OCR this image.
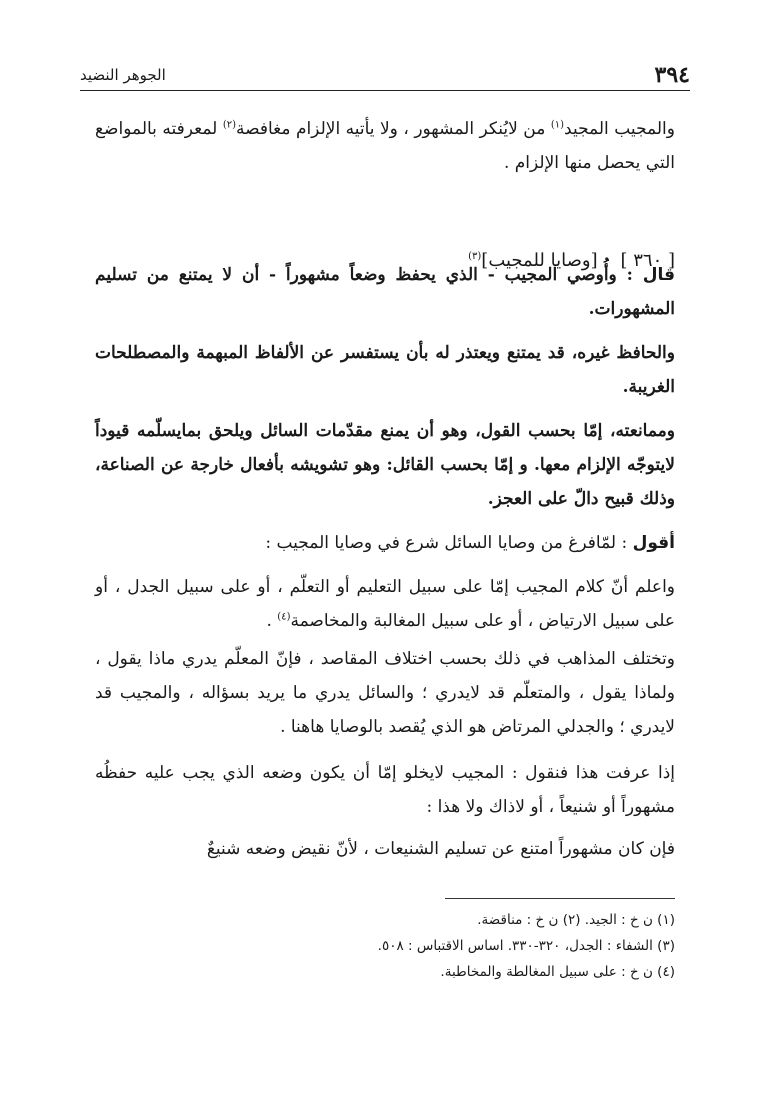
٣٩٤
الجوهر النضيد

والمجيب المجيد$^{(١)}$ من لايُنكر المشهور ، ولا يأتيه الإلزام مغافصة$^{(٢)}$ لمعرفته بالمواضع التي يحصل منها الإلزام .

[ ٣٦٠ ]    [وصايا للمجيب]$^{(٣)}$

قال : وأُوصي المجيب - الذي يحفظ وضعاً مشهوراً - أن لا يمتنع من تسليم المشهورات.

والحافظ غيره، قد يمتنع ويعتذر له بأن يستفسر عن الألفاظ المبهمة والمصطلحات الغريبة.

وممانعته، إمّا بحسب القول، وهو أن يمنع مقدّمات السائل ويلحق بمايسلّمه قيوداً لايتوجّه الإلزام معها. و إمّا بحسب القائل: وهو تشويشه بأفعال خارجة عن الصناعة، وذلك قبيح دالّ على العجز.

أقول : لمّافرغ من وصايا السائل شرع في وصايا المجيب :

واعلم أنّ كلام المجيب إمّا على سبيل التعليم أو التعلّم ، أو على سبيل الجدل ، أو على سبيل الارتياض ، أو على سبيل المغالبة والمخاصمة$^{(٤)}$ .

وتختلف المذاهب في ذلك بحسب اختلاف المقاصد ، فإنّ المعلّم يدري ماذا يقول ، ولماذا يقول ، والمتعلّم قد لايدري ؛ والسائل يدري ما يريد بسؤاله ، والمجيب قد لايدري ؛ والجدلي المرتاض هو الذي يُقصد بالوصايا هاهنا .

إذا عرفت هذا فنقول : المجيب لايخلو إمّا أن يكون وضعه الذي يجب عليه حفظُه مشهوراً أو شنيعاً ، أو لاذاك ولا هذا :

فإن كان مشهوراً امتنع عن تسليم الشنيعات ، لأنّ نقيض وضعه شنيعٌ

(١) ن خ : الجيد. (٢) ن خ : مناقضة.
(٣) الشفاء : الجدل، ٣٢٠-٣٣٠. اساس الاقتباس : ٥٠٨.
(٤) ن خ : على سبيل المغالطة والمخاطبة.
